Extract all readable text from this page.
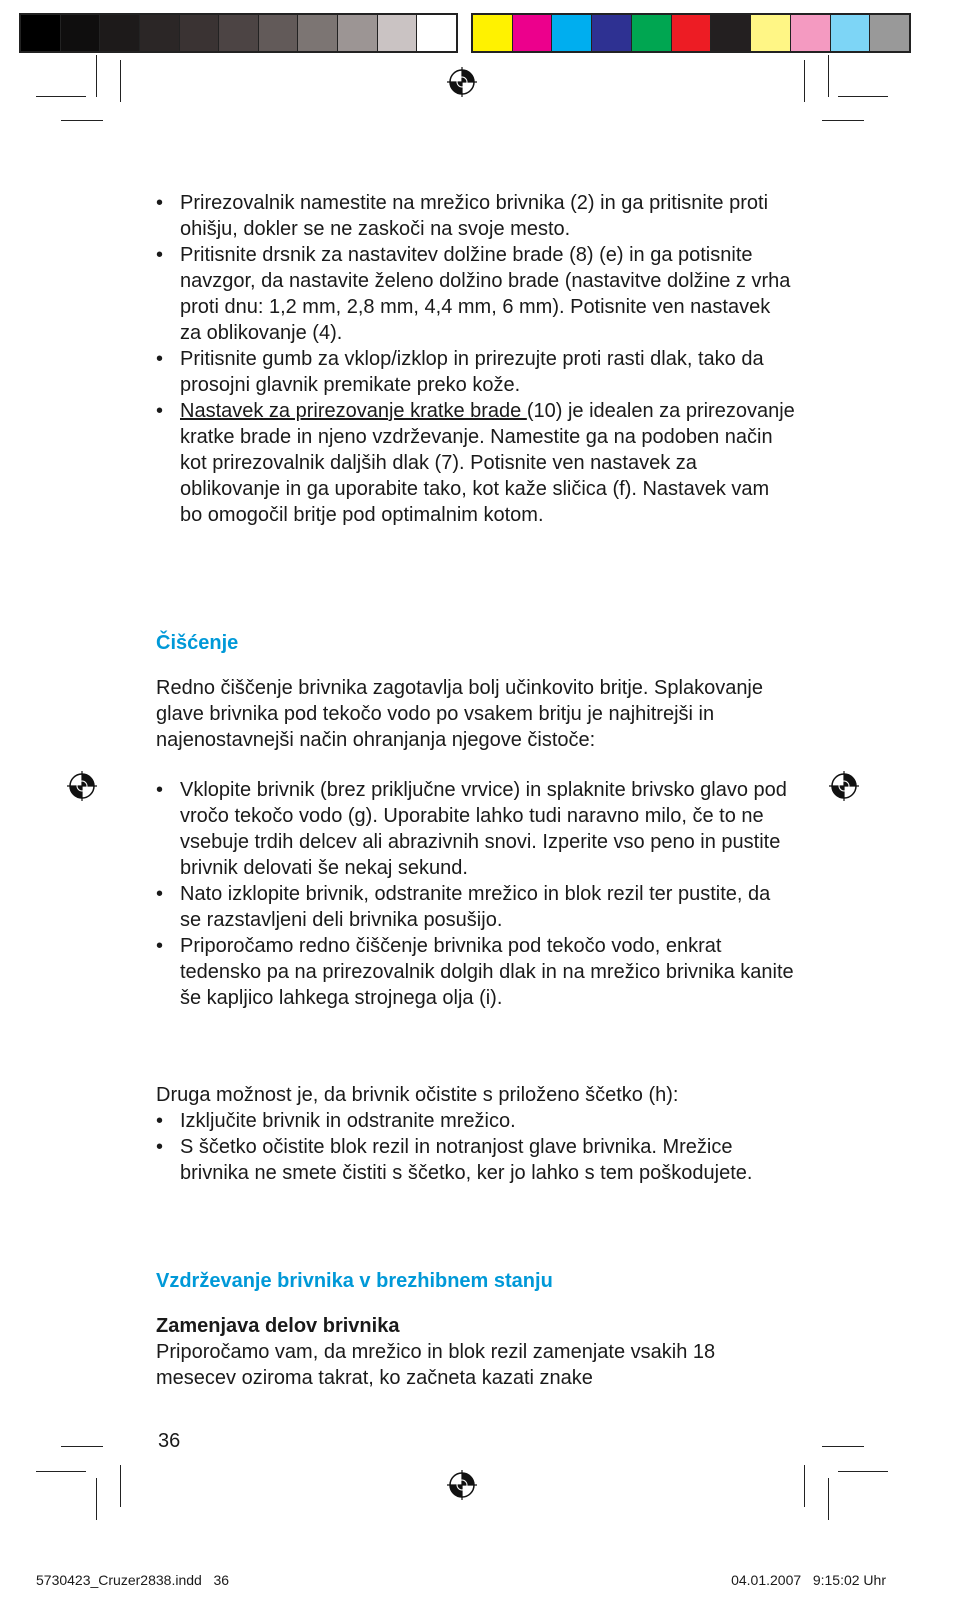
• Prirezovalnik namestite na mrežico brivnika (2) in ga pritisnite proti ohišju, dokler se ne zaskoči na svoje mesto.
• Pritisnite drsnik za nastavitev dolžine brade (8) (e) in ga potisnite navzgor, da nastavite želeno dolžino brade (nastavitve dolžine z vrha proti dnu: 1,2 mm, 2,8 mm, 4,4 mm, 6 mm). Potisnite ven nastavek za oblikovanje (4).
• Pritisnite gumb za vklop/izklop in prirezujte proti rasti dlak, tako da prosojni glavnik premikate preko kože.
• Nastavek za prirezovanje kratke brade (10) je idealen za prirezovanje kratke brade in njeno vzdrževanje. Namestite ga na podoben način kot prirezovalnik daljših dlak (7). Potisnite ven nastavek za oblikovanje in ga uporabite tako, kot kaže sličica (f). Nastavek vam bo omogočil britje pod optimalnim kotom.
Čišćenje

Redno čiščenje brivnika zagotavlja bolj učinkovito britje. Splakovanje glave brivnika pod tekočo vodo po vsakem britju je najhitrejši in najenostavnejši način ohranjanja njegove čistoče:

• Vklopite brivnik (brez priključne vrvice) in splaknite brivsko glavo pod vročo tekočo vodo (g). Uporabite lahko tudi naravno milo, če to ne vsebuje trdih delcev ali abrazivnih snovi. Izperite vso peno in pustite brivnik delovati še nekaj sekund.
• Nato izklopite brivnik, odstranite mrežico in blok rezil ter pustite, da se razstavljeni deli brivnika posušijo.
• Priporočamo redno čiščenje brivnika pod tekočo vodo, enkrat tedensko pa na prirezovalnik dolgih dlak in na mrežico brivnika kanite še kapljico lahkega strojnega olja (i).

Druga možnost je, da brivnik očistite s priloženo ščetko (h):

• Izključite brivnik in odstranite mrežico.
• S ščetko očistite blok rezil in notranjost glave brivnika. Mrežice brivnika ne smete čistiti s ščetko, ker jo lahko s tem poškodujete.
Vzdrževanje brivnika v brezhibnem stanju

Zamenjava delov brivnika

Priporočamo vam, da mrežico in blok rezil zamenjate vsakih 18 mesecev oziroma takrat, ko začneta kazati znake

36
5730423_Cruzer2838.indd   36	04.01.2007   9:15:02 Uhr
